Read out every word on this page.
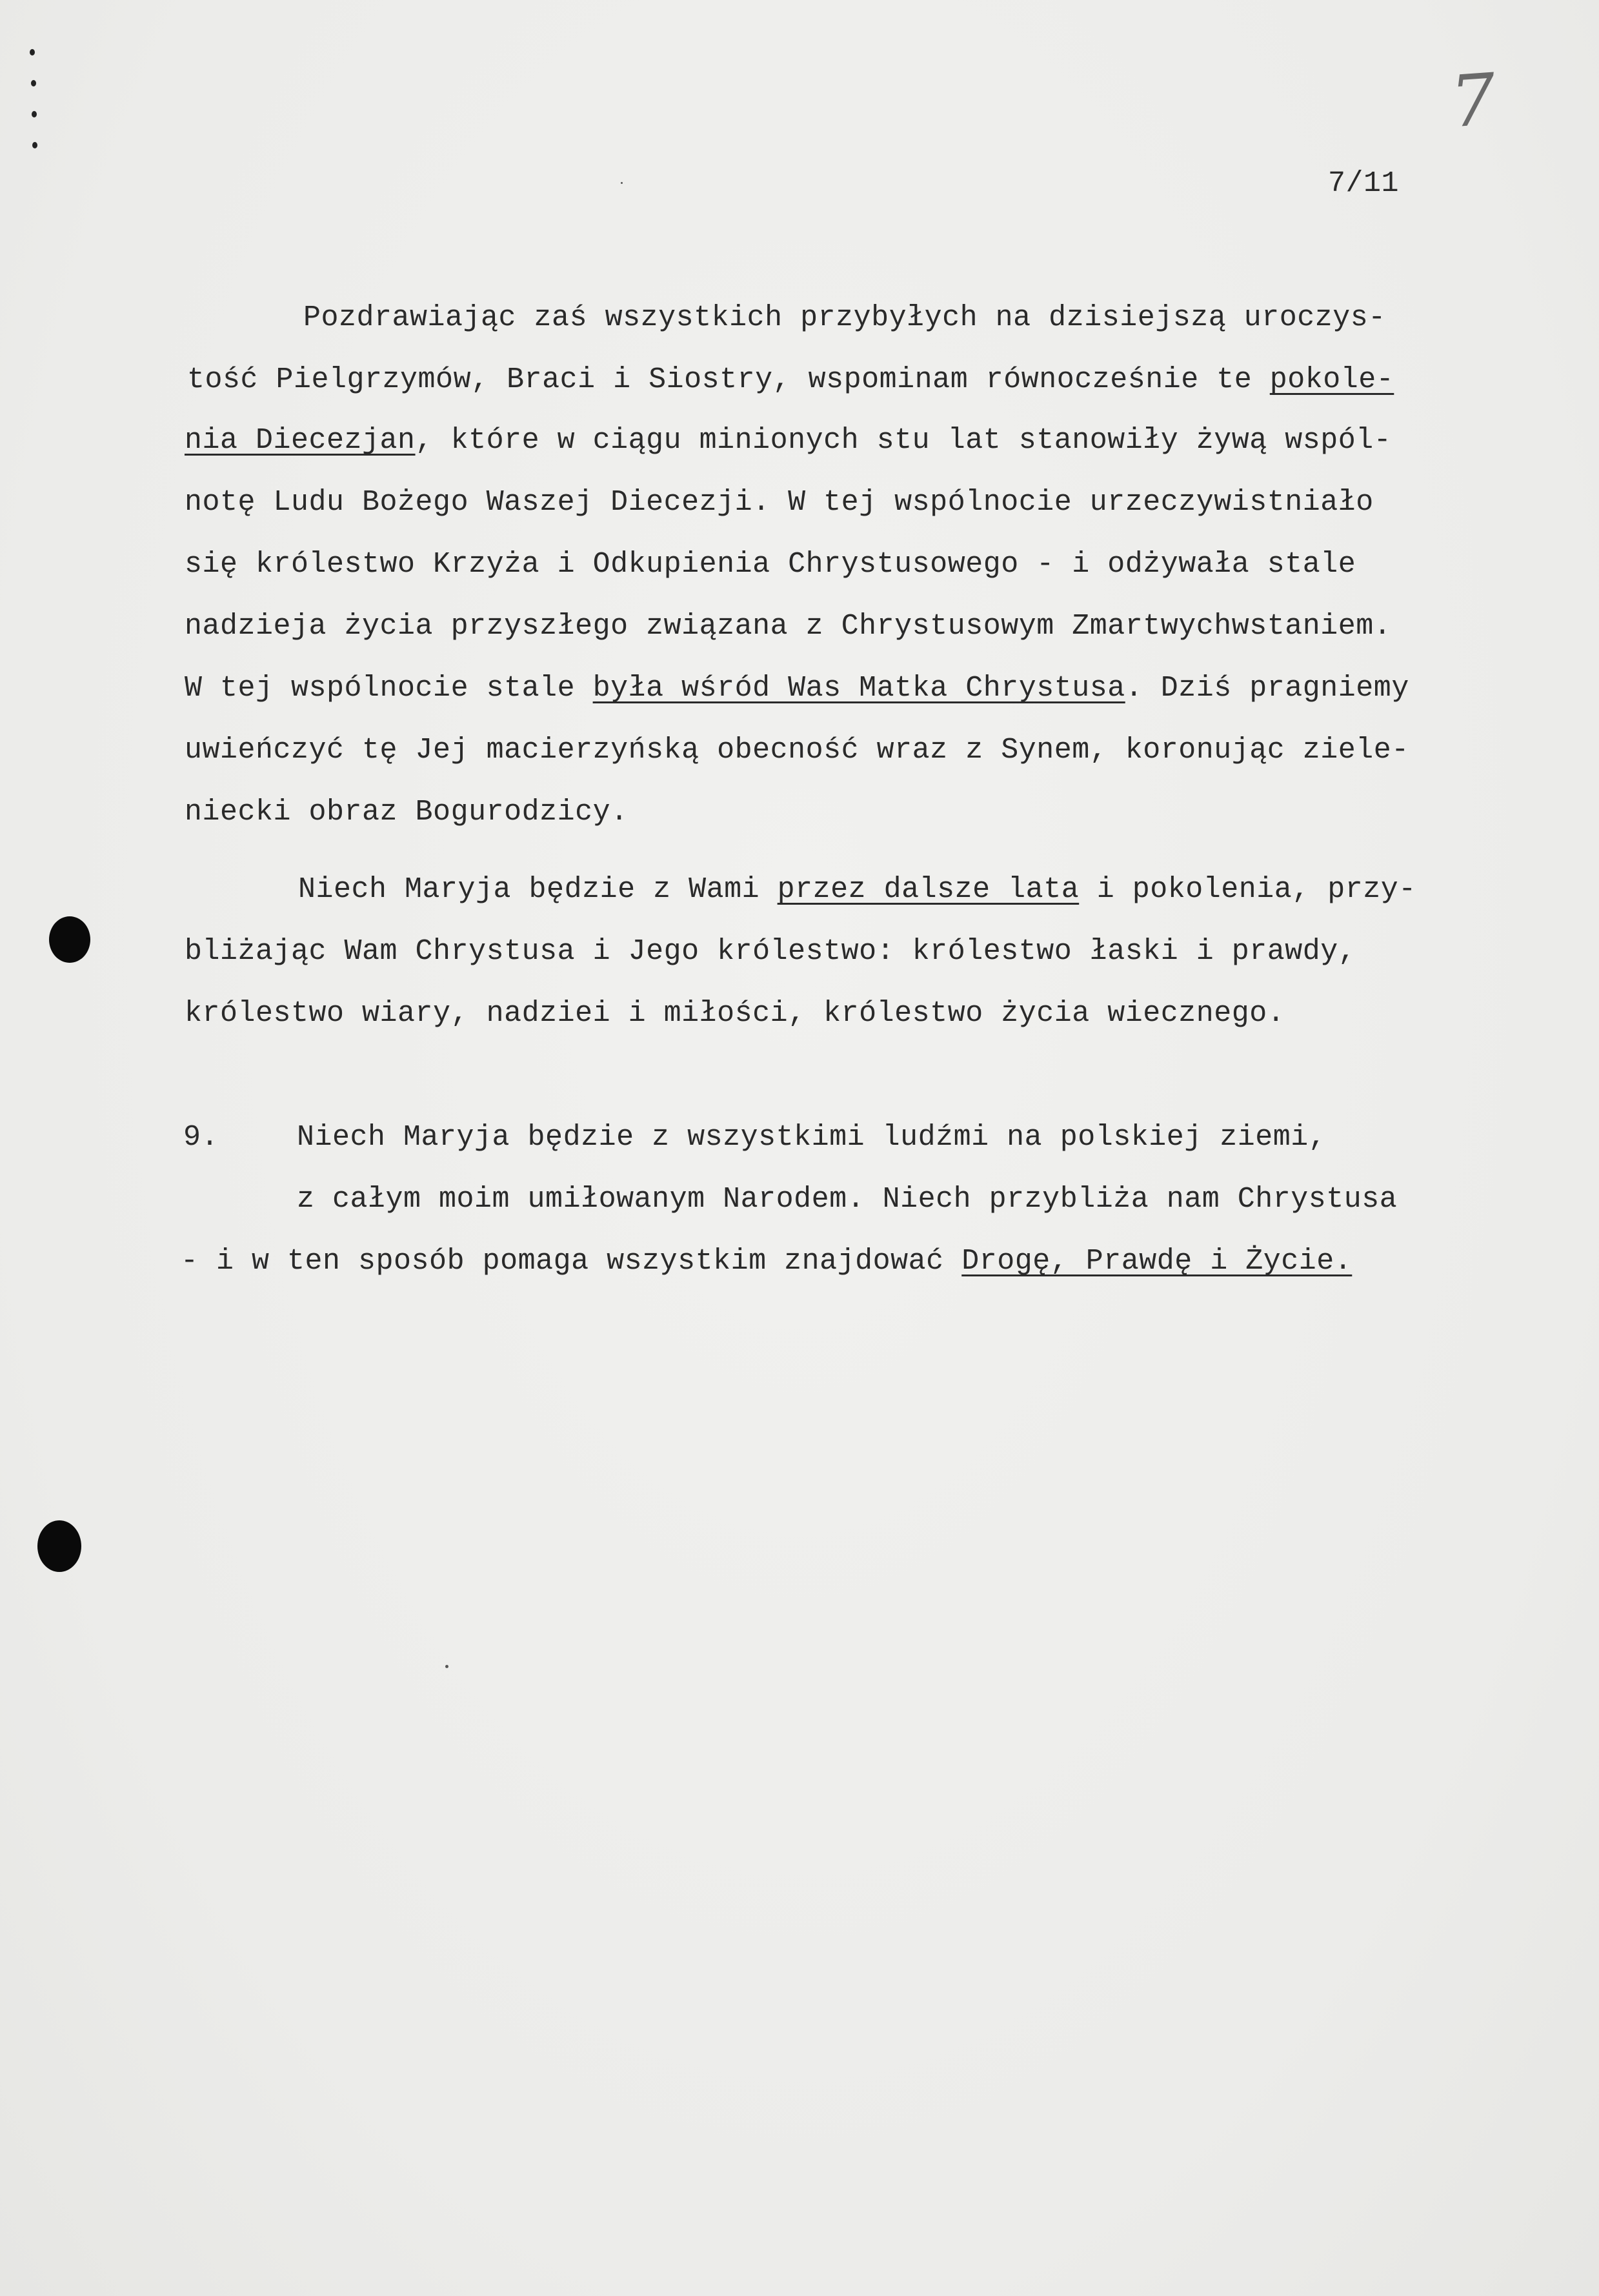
7
7/11
Pozdrawiając zaś wszystkich przybyłych na dzisiejszą uroczys-
tość Pielgrzymów, Braci i Siostry, wspominam równocześnie te pokole-
nia Diecezjan, które w ciągu minionych stu lat stanowiły żywą wspól-
notę Ludu Bożego Waszej Diecezji. W tej wspólnocie urzeczywistniało
się królestwo Krzyża i Odkupienia Chrystusowego - i odżywała stale
nadzieja życia przyszłego związana z Chrystusowym Zmartwychwstaniem.
W tej wspólnocie stale była wśród Was Matka Chrystusa. Dziś pragniemy
uwieńczyć tę Jej macierzyńską obecność wraz z Synem, koronując ziele-
niecki obraz Bogurodzicy.
Niech Maryja będzie z Wami przez dalsze lata i pokolenia, przy-
bliżając Wam Chrystusa i Jego królestwo: królestwo łaski i prawdy,
królestwo wiary, nadziei i miłości, królestwo życia wiecznego.
9.	Niech Maryja będzie z wszystkimi ludźmi na polskiej ziemi,
z całym moim umiłowanym Narodem. Niech przybliża nam Chrystusa
- i w ten sposób pomaga wszystkim znajdować Drogę, Prawdę i Życie.
